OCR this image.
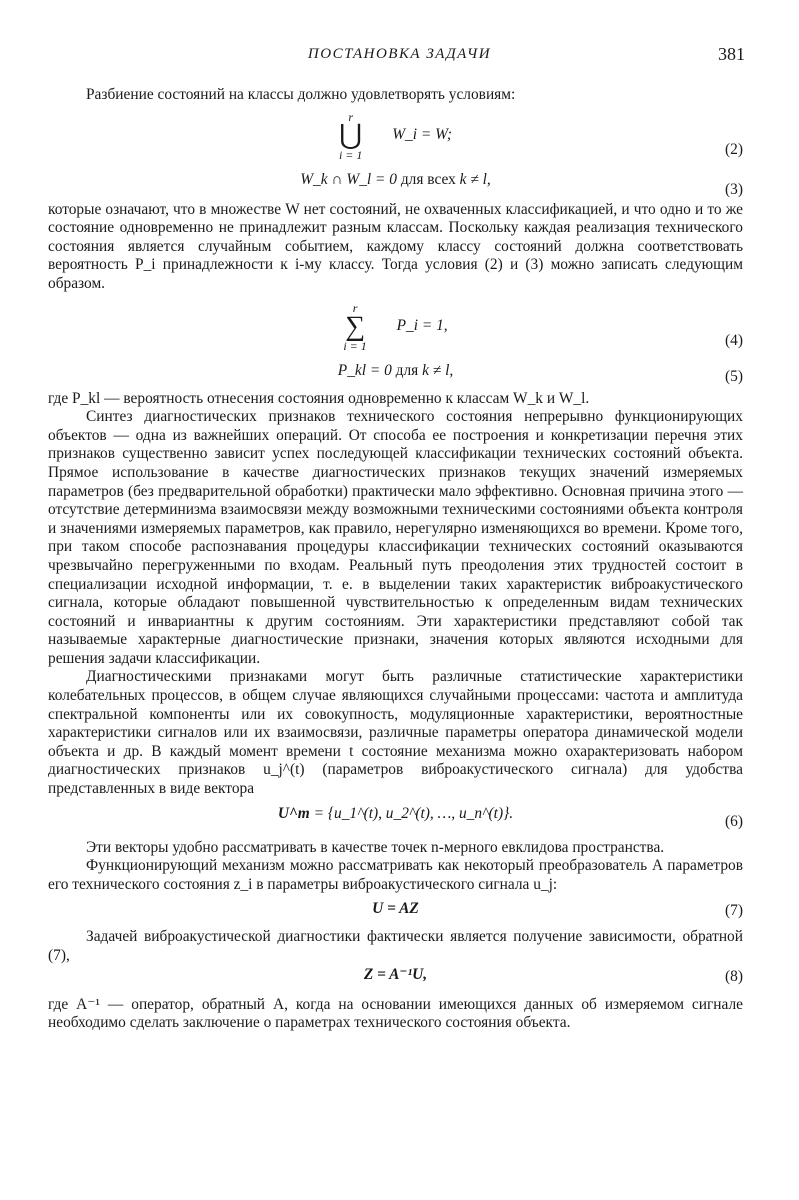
ПОСТАНОВКА ЗАДАЧИ	381

Разбиение состояний на классы должно удовлетворять условиям:

r
⋃
i = 1
W_i = W;
(2)
W_k ∩ W_l = 0 для всех k ≠ l,
(3)

которые означают, что в множестве W нет состояний, не охваченных классификацией, и что одно и то же состояние одновременно не принадлежит разным классам. Поскольку каждая реализация технического состояния является случайным событием, каждому классу состояний должна соответствовать вероятность P_i принадлежности к i-му классу. Тогда условия (2) и (3) можно записать следующим образом.

r
∑
i = 1
P_i = 1,
(4)
P_kl = 0 для k ≠ l,	(5)

где P_kl — вероятность отнесения состояния одновременно к классам W_k и W_l.

Синтез диагностических признаков технического состояния непрерывно функционирующих объектов — одна из важнейших операций. От способа ее построения и конкретизации перечня этих признаков существенно зависит успех последующей классификации технических состояний объекта. Прямое использование в качестве диагностических признаков текущих значений измеряемых параметров (без предварительной обработки) практически мало эффективно. Основная причина этого — отсутствие детерминизма взаимосвязи между возможными техническими состояниями объекта контроля и значениями измеряемых параметров, как правило, нерегулярно изменяющихся во времени. Кроме того, при таком способе распознавания процедуры классификации технических состояний оказываются чрезвычайно перегруженными по входам. Реальный путь преодоления этих трудностей состоит в специализации исходной информации, т. е. в выделении таких характеристик виброакустического сигнала, которые обладают повышенной чувствительностью к определенным видам технических состояний и инвариантны к другим состояниям. Эти характеристики представляют собой так называемые характерные диагностические признаки, значения которых являются исходными для решения задачи классификации.

Диагностическими признаками могут быть различные статистические характеристики колебательных процессов, в общем случае являющихся случайными процессами: частота и амплитуда спектральной компоненты или их совокупность, модуляционные характеристики, вероятностные характеристики сигналов или их взаимосвязи, различные параметры оператора динамической модели объекта и др. В каждый момент времени t состояние механизма можно охарактеризовать набором диагностических признаков u_j^(t) (параметров виброакустического сигнала) для удобства представленных в виде вектора

U^т = {u_1^(t), u_2^(t), …, u_n^(t)}.	(6)

Эти векторы удобно рассматривать в качестве точек n-мерного евклидова пространства.

Функционирующий механизм можно рассматривать как некоторый преобразователь A параметров его технического состояния z_i в параметры виброакустического сигнала u_j:

U = AZ	(7)

Задачей виброакустической диагностики фактически является получение зависимости, обратной (7),

Z = A⁻¹U,	(8)

где A⁻¹ — оператор, обратный A, когда на основании имеющихся данных об измеряемом сигнале необходимо сделать заключение о параметрах технического состояния объекта.
